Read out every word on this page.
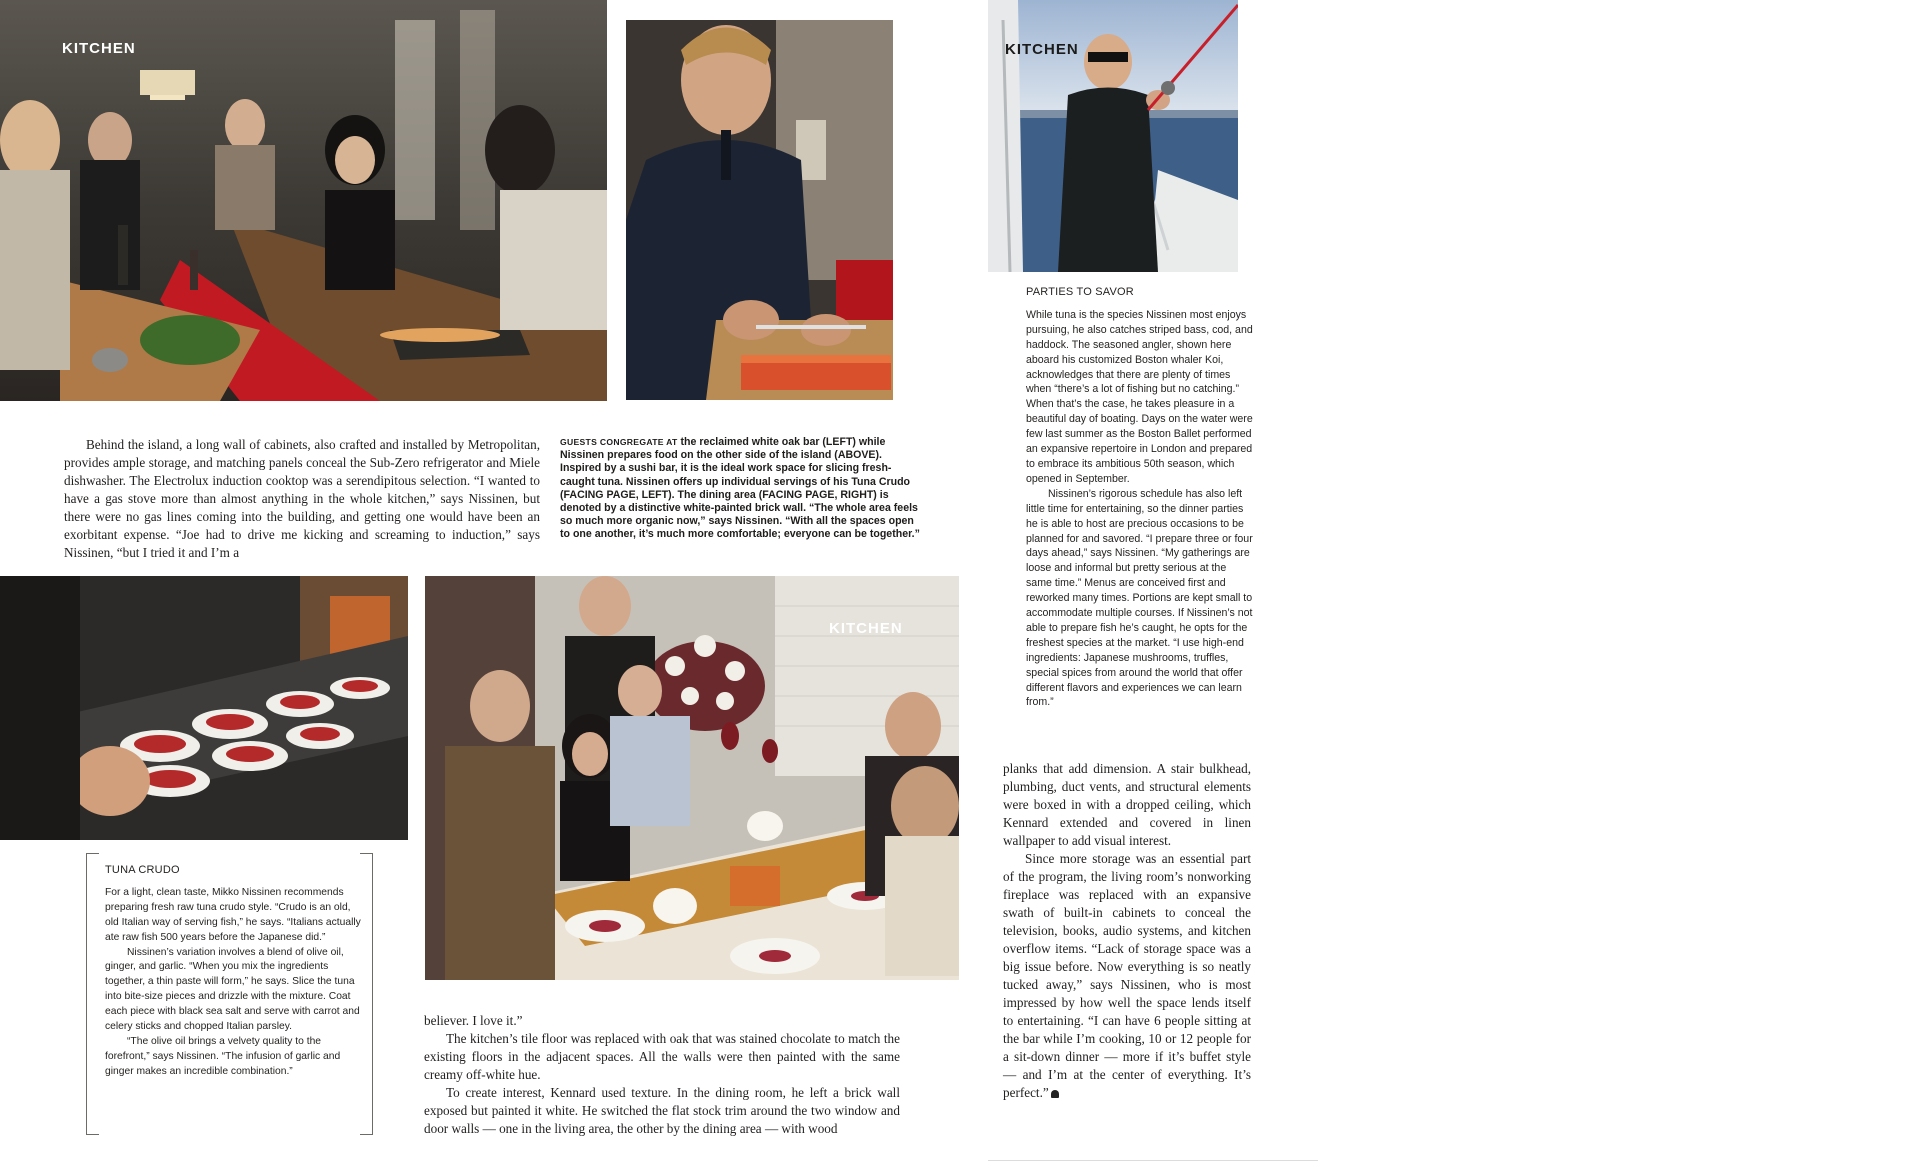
KITCHEN	KITCHEN

Behind the island, a long wall of cabinets, also crafted and installed by Metropolitan, provides ample storage, and matching panels conceal the Sub-Zero refrigerator and Miele dishwasher. The Electrolux induction cooktop was a serendipitous selection. “I wanted to have a gas stove more than almost anything in the whole kitchen,” says Nissinen, but there were no gas lines coming into the building, and getting one would have been an exorbitant expense. “Joe had to drive me kicking and screaming to induction,” says Nissinen, “but I tried it and I’m a

GUESTS CONGREGATE AT the reclaimed white oak bar (LEFT) while Nissinen prepares food on the other side of the island (ABOVE). Inspired by a sushi bar, it is the ideal work space for slicing fresh-caught tuna. Nissinen offers up individual servings of his Tuna Crudo (FACING PAGE, LEFT). The dining area (FACING PAGE, RIGHT) is denoted by a distinctive white-painted brick wall. “The whole area feels so much more organic now,” says Nissinen. “With all the spaces open to one another, it’s much more comfortable; everyone can be together.”
KITCHEN
TUNA CRUDO

For a light, clean taste, Mikko Nissinen recommends preparing fresh raw tuna crudo style. “Crudo is an old, old Italian way of serving fish,” he says. “Italians actually ate raw fish 500 years before the Japanese did.”

Nissinen’s variation involves a blend of olive oil, ginger, and garlic. “When you mix the ingredients together, a thin paste will form,” he says. Slice the tuna into bite-size pieces and drizzle with the mixture. Coat each piece with black sea salt and serve with carrot and celery sticks and chopped Italian parsley.

“The olive oil brings a velvety quality to the forefront,” says Nissinen. “The infusion of garlic and ginger makes an incredible combination.”

believer. I love it.”

The kitchen’s tile floor was replaced with oak that was stained chocolate to match the existing floors in the adjacent spaces. All the walls were then painted with the same creamy off-white hue.

To create interest, Kennard used texture. In the dining room, he left a brick wall exposed but painted it white. He switched the flat stock trim around the two window and door walls — one in the living area, the other by the dining area — with wood

PARTIES TO SAVOR

While tuna is the species Nissinen most enjoys pursuing, he also catches striped bass, cod, and haddock. The seasoned angler, shown here aboard his customized Boston whaler Koi, acknowledges that there are plenty of times when “there’s a lot of fishing but no catching.” When that’s the case, he takes pleasure in a beautiful day of boating. Days on the water were few last summer as the Boston Ballet performed an expansive repertoire in London and prepared to embrace its ambitious 50th season, which opened in September.

Nissinen’s rigorous schedule has also left little time for entertaining, so the dinner parties he is able to host are precious occasions to be planned for and savored. “I prepare three or four days ahead,” says Nissinen. “My gatherings are loose and informal but pretty serious at the same time.” Menus are conceived first and reworked many times. Portions are kept small to accommodate multiple courses. If Nissinen’s not able to prepare fish he’s caught, he opts for the freshest species at the market. “I use high-end ingredients: Japanese mushrooms, truffles, special spices from around the world that offer different flavors and experiences we can learn from.”

planks that add dimension. A stair bulkhead, plumbing, duct vents, and structural elements were boxed in with a dropped ceiling, which Kennard extended and covered in linen wallpaper to add visual interest.

Since more storage was an essential part of the program, the living room’s nonworking fireplace was replaced with an expansive swath of built-in cabinets to conceal the television, books, audio systems, and kitchen overflow items. “Lack of storage space was a big issue before. Now everything is so neatly tucked away,” says Nissinen, who is most impressed by how well the space lends itself to entertaining. “I can have 6 people sitting at the bar while I’m cooking, 10 or 12 people for a sit-down dinner — more if it’s buffet style — and I’m at the center of everything. It’s perfect.”
